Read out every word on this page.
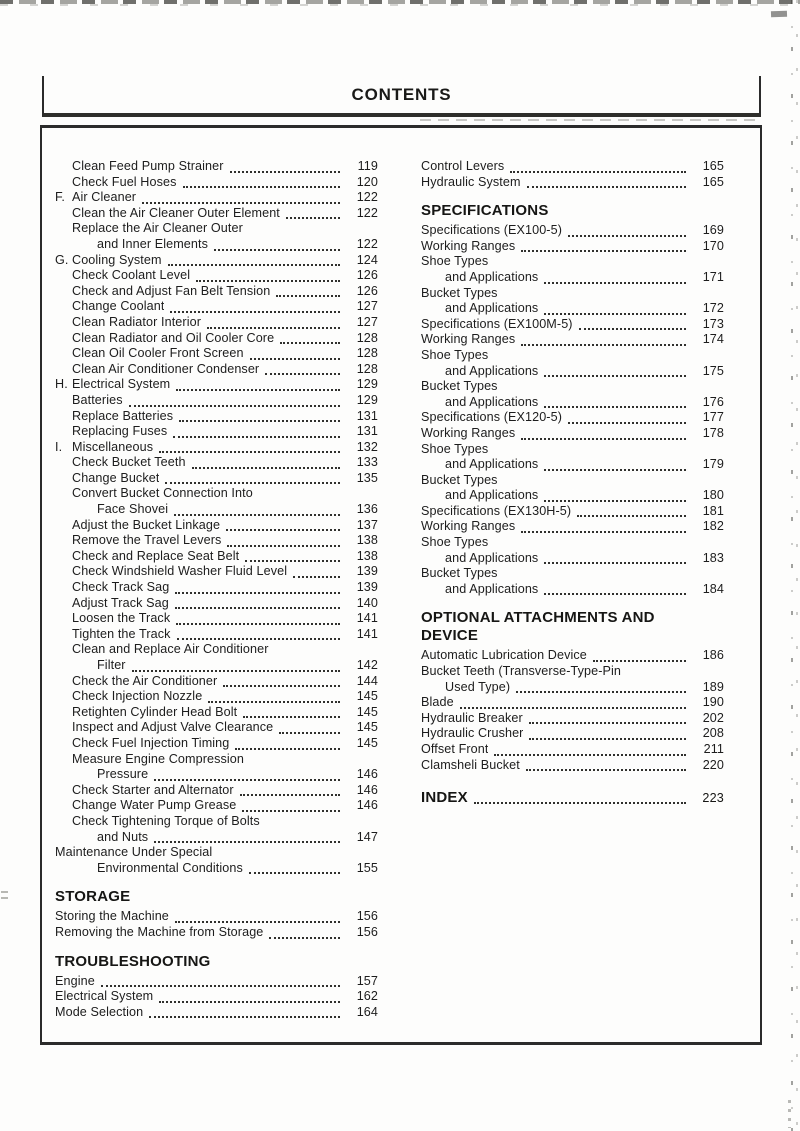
CONTENTS
Clean Feed Pump Strainer	119
Check Fuel Hoses	120
F. Air Cleaner	122
Clean the Air Cleaner Outer Element	122
Replace the Air Cleaner Outer
and Inner Elements	122
G. Cooling System	124
Check Coolant Level	126
Check and Adjust Fan Belt Tension	126
Change Coolant	127
Clean Radiator Interior	127
Clean Radiator and Oil Cooler Core	128
Clean Oil Cooler Front Screen	128
Clean Air Conditioner Condenser	128
H. Electrical System	129
Batteries	129
Replace Batteries	131
Replacing Fuses	131
I. Miscellaneous	132
Check Bucket Teeth	133
Change Bucket	135
Convert Bucket Connection Into
Face Shovei	136
Adjust the Bucket Linkage	137
Remove the Travel Levers	138
Check and Replace Seat Belt	138
Check Windshield Washer Fluid Level	139
Check Track Sag	139
Adjust Track Sag	140
Loosen the Track	141
Tighten the Track	141
Clean and Replace Air Conditioner
Filter	142
Check the Air Conditioner	144
Check Injection Nozzle	145
Retighten Cylinder Head Bolt	145
Inspect and Adjust Valve Clearance	145
Check Fuel Injection Timing	145
Measure Engine Compression
Pressure	146
Check Starter and Alternator	146
Change Water Pump Grease	146
Check Tightening Torque of Bolts
and Nuts	147
Maintenance Under Special
Environmental Conditions	155
STORAGE
Storing the Machine	156
Removing the Machine from Storage	156
TROUBLESHOOTING
Engine	157
Electrical System	162
Mode Selection	164
Control Levers	165
Hydraulic System	165
SPECIFICATIONS
Specifications (EX100-5)	169
Working Ranges	170
Shoe Types
and Applications	171
Bucket Types
and Applications	172
Specifications (EX100M-5)	173
Working Ranges	174
Shoe Types
and Applications	175
Bucket Types
and Applications	176
Specifications (EX120-5)	177
Working Ranges	178
Shoe Types
and Applications	179
Bucket Types
and Applications	180
Specifications (EX130H-5)	181
Working Ranges	182
Shoe Types
and Applications	183
Bucket Types
and Applications	184
OPTIONAL ATTACHMENTS AND DEVICE
Automatic Lubrication Device	186
Bucket Teeth (Transverse-Type-Pin
Used Type)	189
Blade	190
Hydraulic Breaker	202
Hydraulic Crusher	208
Offset Front	211
Clamsheli Bucket	220
INDEX	223
